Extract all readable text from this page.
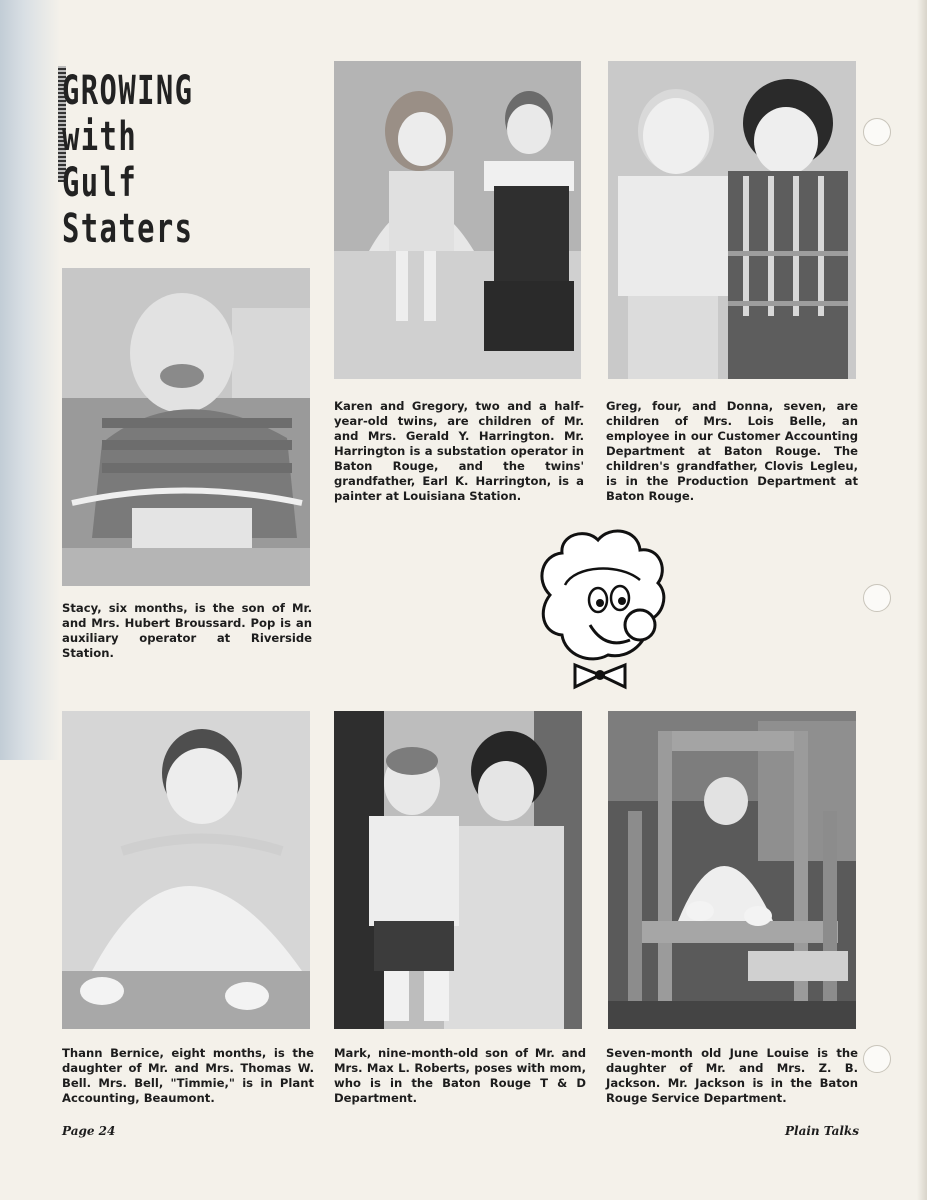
GROWING with
Gulf Staters
Stacy, six months, is the son of Mr. and Mrs. Hubert Broussard. Pop is an auxiliary operator at Riverside Station.
Karen and Gregory, two and a half-year-old twins, are children of Mr. and Mrs. Gerald Y. Harrington. Mr. Harrington is a substation operator in Baton Rouge, and the twins' grandfather, Earl K. Harrington, is a painter at Louisiana Station.
Greg, four, and Donna, seven, are children of Mrs. Lois Belle, an employee in our Customer Accounting Department at Baton Rouge. The children's grandfather, Clovis Legleu, is in the Production Department at Baton Rouge.
Thann Bernice, eight months, is the daughter of Mr. and Mrs. Thomas W. Bell. Mrs. Bell, "Timmie," is in Plant Accounting, Beaumont.
Mark, nine-month-old son of Mr. and Mrs. Max L. Roberts, poses with mom, who is in the Baton Rouge T & D Department.
Seven-month old June Louise is the daughter of Mr. and Mrs. Z. B. Jackson. Mr. Jackson is in the Baton Rouge Service Department.
Page 24	Plain Talks
